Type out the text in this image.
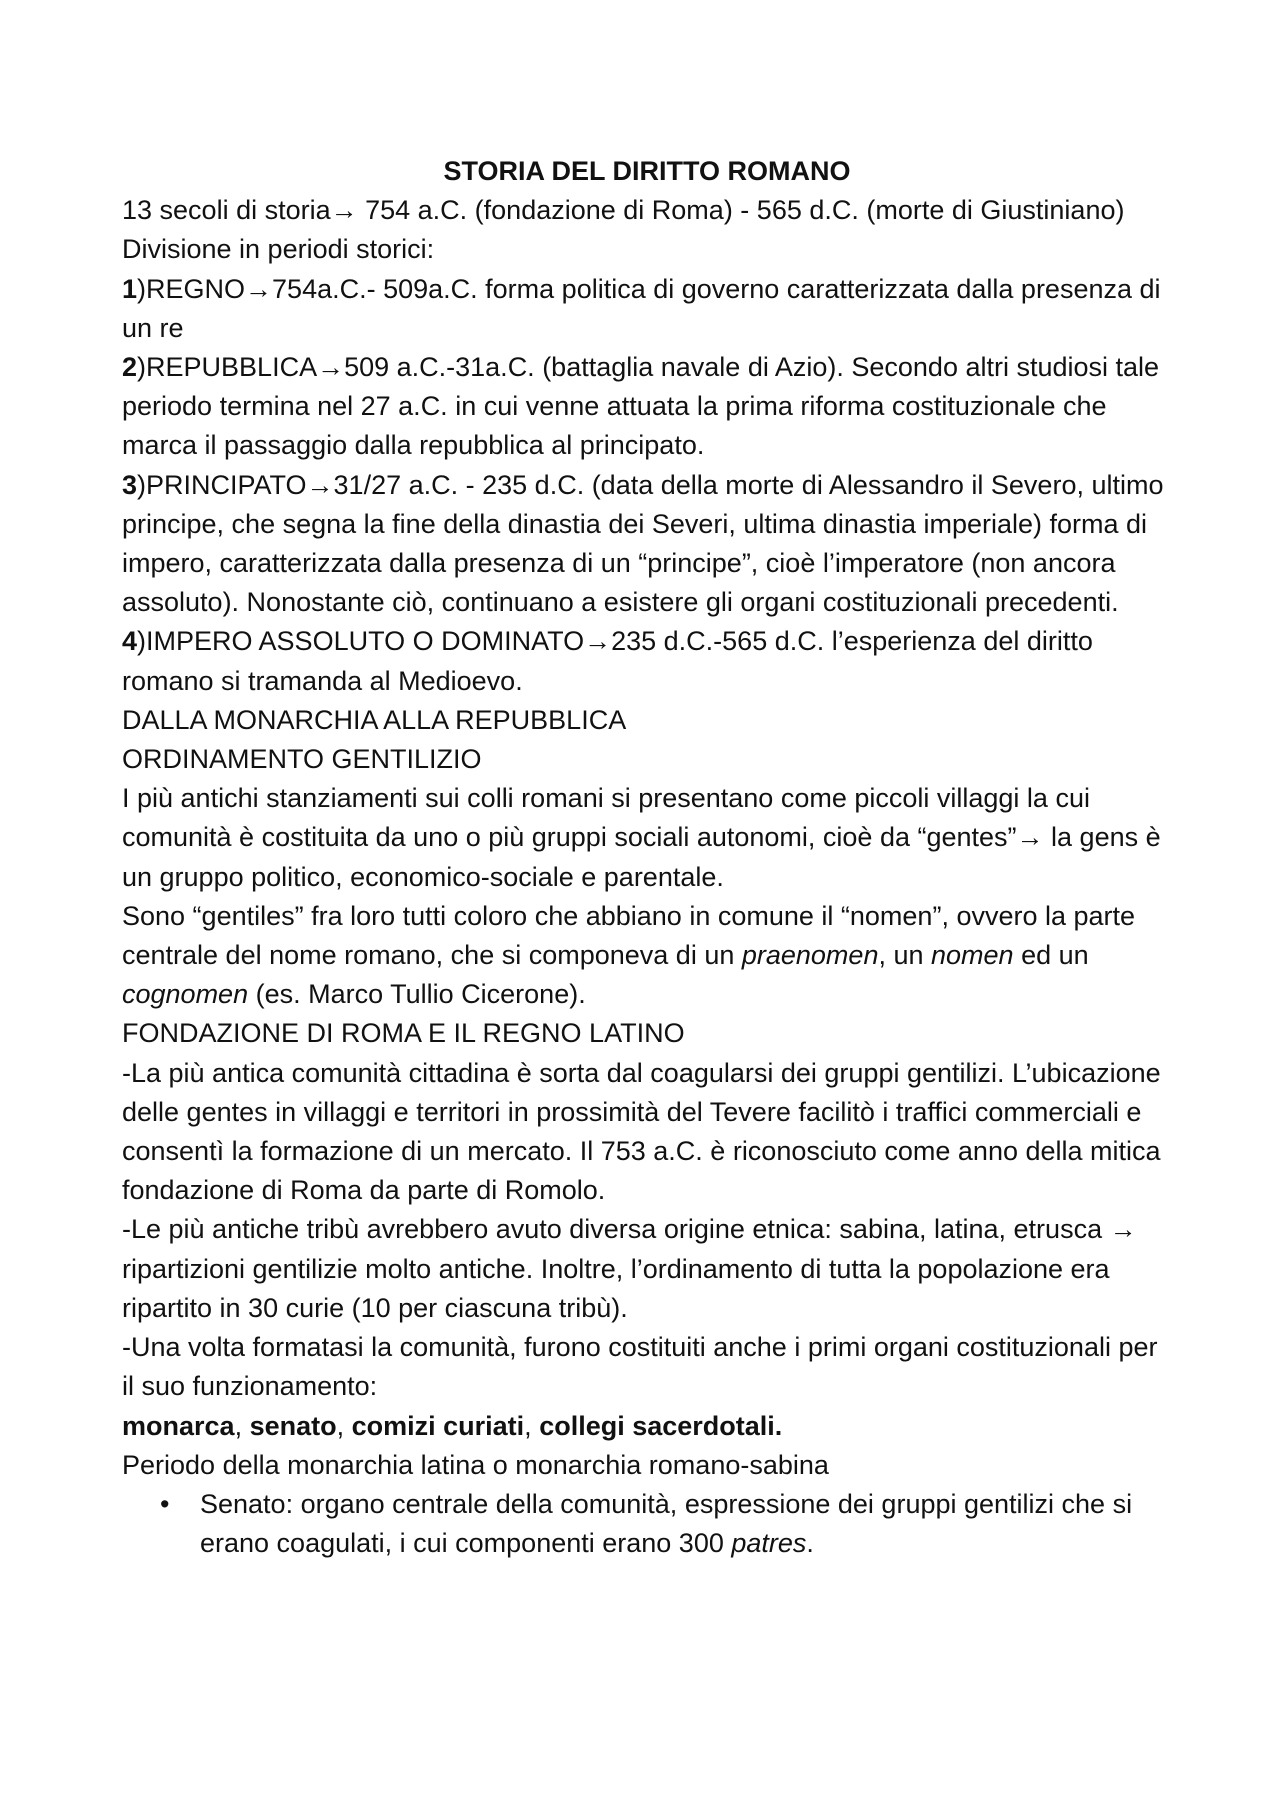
STORIA DEL DIRITTO ROMANO

13 secoli di storia→ 754 a.C. (fondazione di Roma) - 565 d.C. (morte di Giustiniano)

Divisione in periodi storici:

1)REGNO→754a.C.- 509a.C. forma politica di governo caratterizzata dalla presenza di un re

2)REPUBBLICA→509 a.C.-31a.C. (battaglia navale di Azio). Secondo altri studiosi tale periodo termina nel 27 a.C. in cui venne attuata la prima riforma costituzionale che marca il passaggio dalla repubblica al principato.

3)PRINCIPATO→31/27 a.C. - 235 d.C. (data della morte di Alessandro il Severo, ultimo principe, che segna la fine della dinastia dei Severi, ultima dinastia imperiale) forma di impero, caratterizzata dalla presenza di un “principe”, cioè l’imperatore (non ancora assoluto). Nonostante ciò, continuano a esistere gli organi costituzionali precedenti.

4)IMPERO ASSOLUTO O DOMINATO→235 d.C.-565 d.C. l’esperienza del diritto romano si tramanda al Medioevo.

DALLA MONARCHIA ALLA REPUBBLICA

ORDINAMENTO GENTILIZIO

I più antichi stanziamenti sui colli romani si presentano come piccoli villaggi la cui comunità è costituita da uno o più gruppi sociali autonomi, cioè da “gentes”→ la gens è un gruppo politico, economico-sociale e parentale.

Sono “gentiles” fra loro tutti coloro che abbiano in comune il “nomen”, ovvero la parte centrale del nome romano, che si componeva di un praenomen, un nomen ed un cognomen (es. Marco Tullio Cicerone).

FONDAZIONE DI ROMA E IL REGNO LATINO

-La più antica comunità cittadina è sorta dal coagularsi dei gruppi gentilizi. L’ubicazione delle gentes in villaggi e territori in prossimità del Tevere facilitò i traffici commerciali e consentì la formazione di un mercato. Il 753 a.C. è riconosciuto come anno della mitica fondazione di Roma da parte di Romolo.

-Le più antiche tribù avrebbero avuto diversa origine etnica: sabina, latina, etrusca → ripartizioni gentilizie molto antiche. Inoltre, l’ordinamento di tutta la popolazione era ripartito in 30 curie (10 per ciascuna tribù).

-Una volta formatasi la comunità, furono costituiti anche i primi organi costituzionali per il suo funzionamento:

monarca, senato, comizi curiati, collegi sacerdotali.

Periodo della monarchia latina o monarchia romano-sabina

• Senato: organo centrale della comunità, espressione dei gruppi gentilizi che si erano coagulati, i cui componenti erano 300 patres.
